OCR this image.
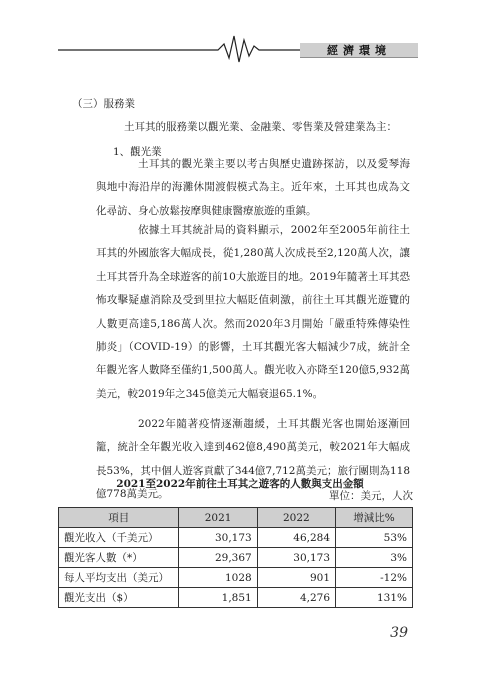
經濟環境
（三）服務業
土耳其的服務業以觀光業、金融業、零售業及營建業為主：
1、觀光業

土耳其的觀光業主要以考古與歷史遺跡探訪，以及愛琴海與地中海沿岸的海灘休閒渡假模式為主。近年來，土耳其也成為文化尋訪、身心放鬆按摩與健康醫療旅遊的重鎮。

依據土耳其統計局的資料顯示，2002年至2005年前往土耳其的外國旅客大幅成長，從1,280萬人次成長至2,120萬人次，讓土耳其晉升為全球遊客的前10大旅遊目的地。2019年隨著土耳其恐怖攻擊疑慮消除及受到里拉大幅貶值刺激，前往土耳其觀光遊覽的人數更高達5,186萬人次。然而2020年3月開始「嚴重特殊傳染性肺炎」（COVID-19）的影響，土耳其觀光客大幅減少7成，統計全年觀光客人數降至僅約1,500萬人。觀光收入亦降至120億5,932萬美元，較2019年之345億美元大幅衰退65.1%。

2022年隨著疫情逐漸趨緩，土耳其觀光客也開始逐漸回籠，統計全年觀光收入達到462億8,490萬美元，較2021年大幅成長53%，其中個人遊客貢獻了344億7,712萬美元；旅行團則為118億778萬美元。

2021至2022年前往土耳其之遊客的人數與支出金額
單位：美元，人次
項目	2021	2022	增減比%
觀光收入（千美元）	30,173	46,284	53%
觀光客人數（*）	29,367	30,173	3%
每人平均支出（美元）	1028	901	-12%
觀光支出（$）	1,851	4,276	131%
39
